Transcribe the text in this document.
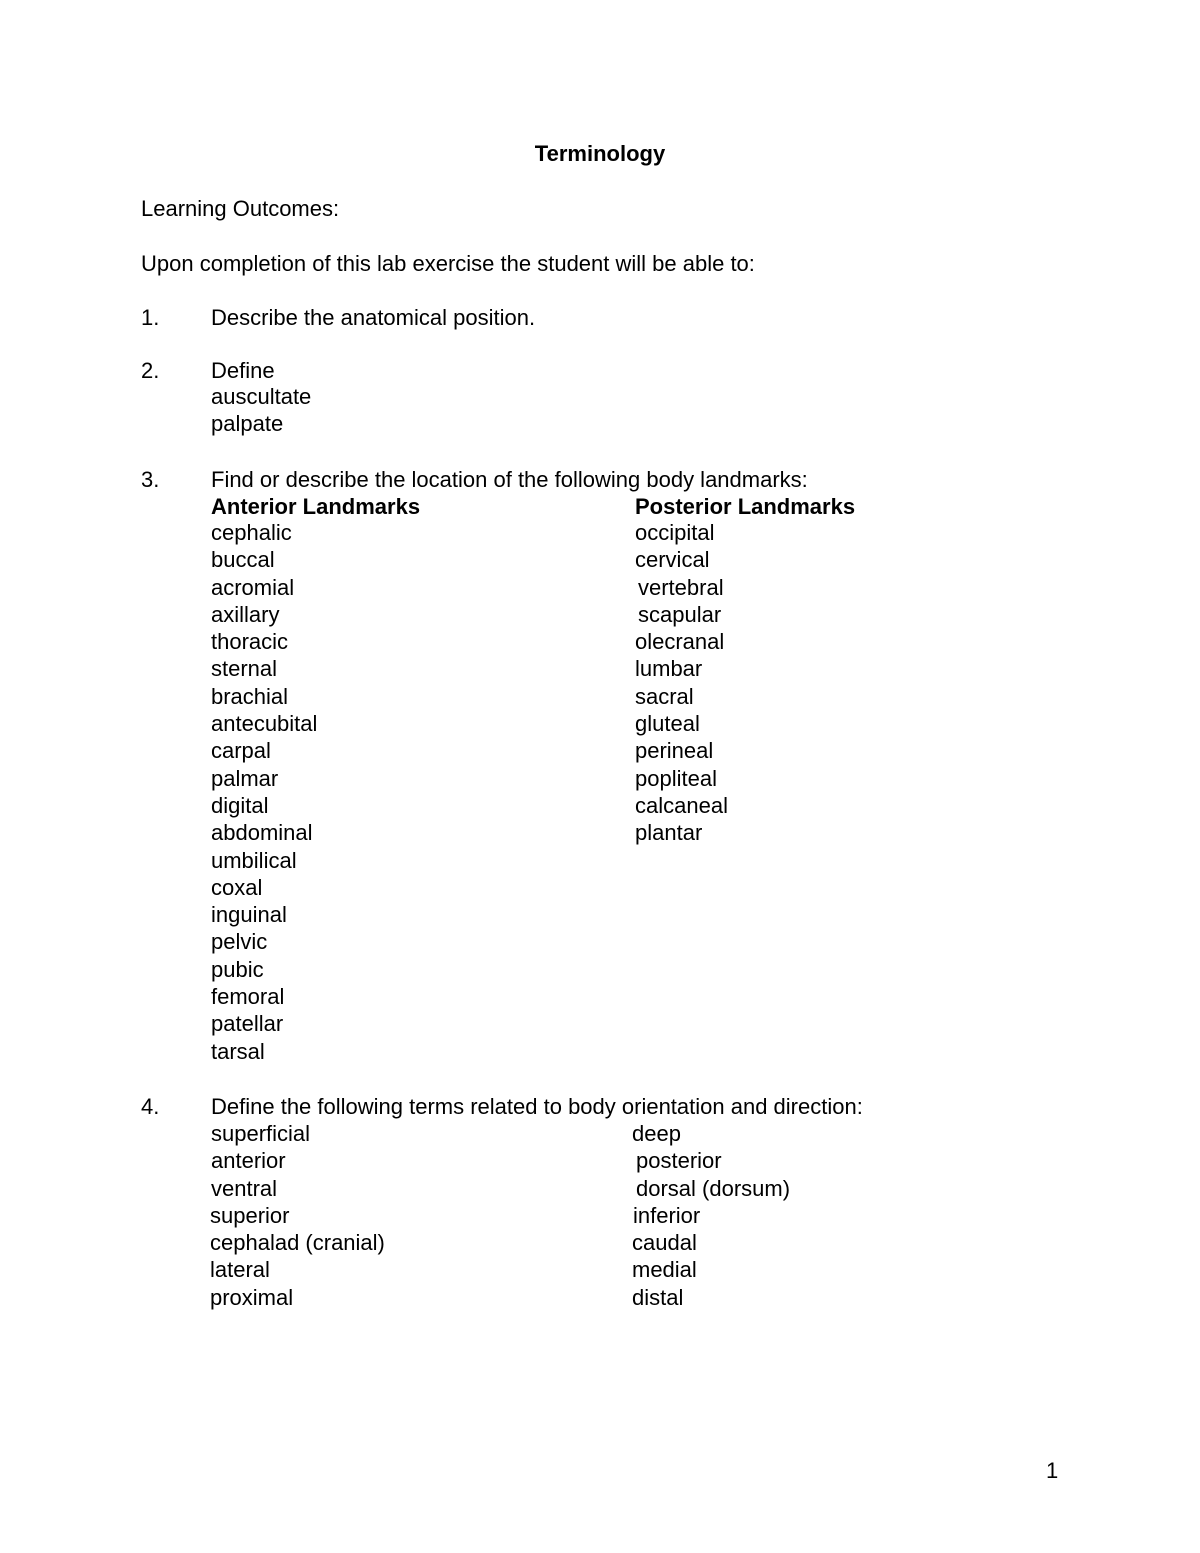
Terminology
Learning Outcomes:
Upon completion of this lab exercise the student will be able to:
1. Describe the anatomical position.
2. Define
auscultate
palpate
3. Find or describe the location of the following body landmarks:
Anterior Landmarks	Posterior Landmarks
cephalic
buccal
acromial
axillary
thoracic
sternal
brachial
antecubital
carpal
palmar
digital
abdominal
umbilical
coxal
inguinal
pelvic
pubic
femoral
patellar
tarsal
occipital
cervical
vertebral
scapular
olecranal
lumbar
sacral
gluteal
perineal
popliteal
calcaneal
plantar
4. Define the following terms related to body orientation and direction:
superficial
anterior
ventral
superior
cephalad (cranial)
lateral
proximal
deep
posterior
dorsal (dorsum)
inferior
caudal
medial
distal
1
